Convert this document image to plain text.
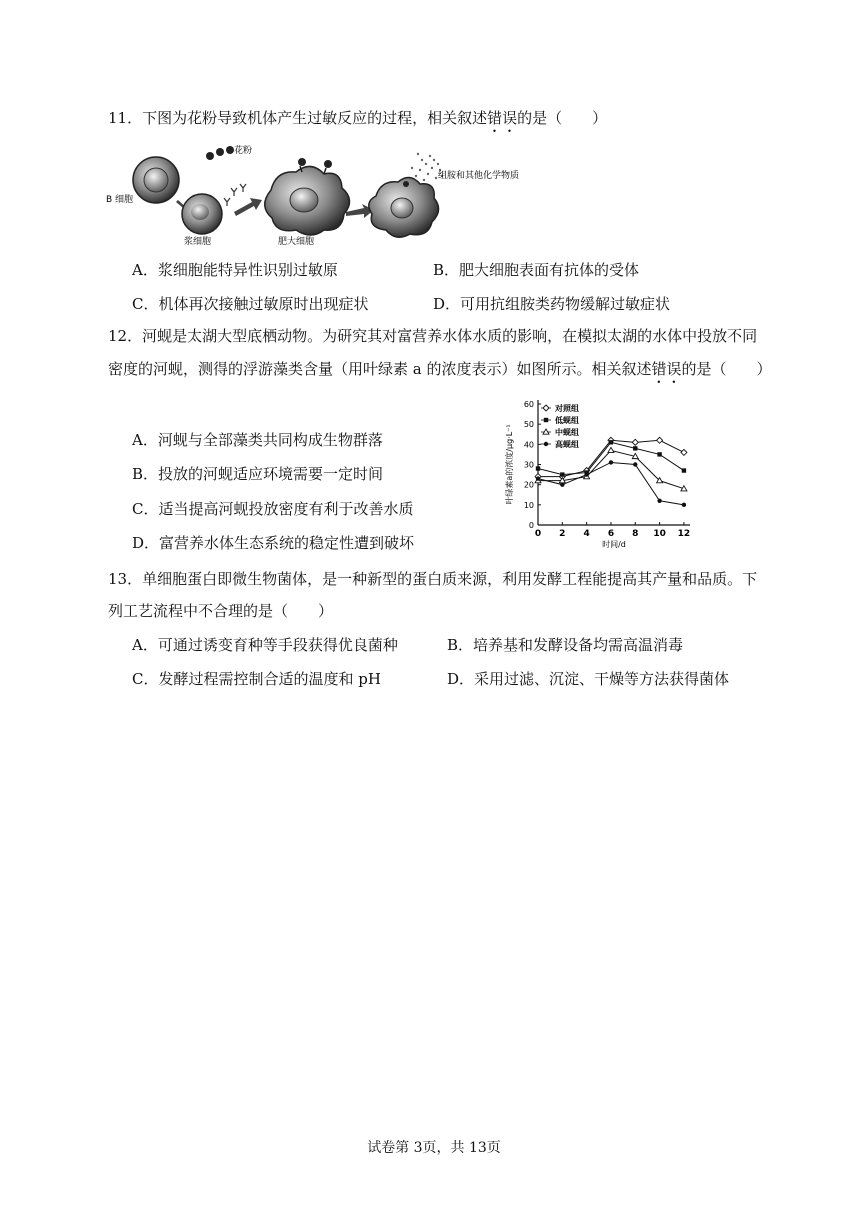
11．下图为花粉导致机体产生过敏反应的过程，相关叙述错误的是（　　）
B 细胞
浆细胞
花粉
肥大细胞
组胺和其他化学物质
A．浆细胞能特异性识别过敏原	B．肥大细胞表面有抗体的受体
C．机体再次接触过敏原时出现症状	D．可用抗组胺类药物缓解过敏症状
12．河蚬是太湖大型底栖动物。为研究其对富营养水体水质的影响，在模拟太湖的水体中投放不同
密度的河蚬，测得的浮游藻类含量（用叶绿素 a 的浓度表示）如图所示。相关叙述错误的是（　　）
A．河蚬与全部藻类共同构成生物群落
B．投放的河蚬适应环境需要一定时间
C．适当提高河蚬投放密度有利于改善水质
D．富营养水体生态系统的稳定性遭到破坏
0
10
20
30
40
50
60
0 2 4 6 8 10 12
时间/d
叶绿素a的浓度/μg·L⁻¹
对照组
低蚬组
中蚬组
高蚬组
13．单细胞蛋白即微生物菌体，是一种新型的蛋白质来源，利用发酵工程能提高其产量和品质。下
列工艺流程中不合理的是（　　）
A．可通过诱变育种等手段获得优良菌种	B．培养基和发酵设备均需高温消毒
C．发酵过程需控制合适的温度和 pH	D．采用过滤、沉淀、干燥等方法获得菌体
试卷第 3页，共 13页
